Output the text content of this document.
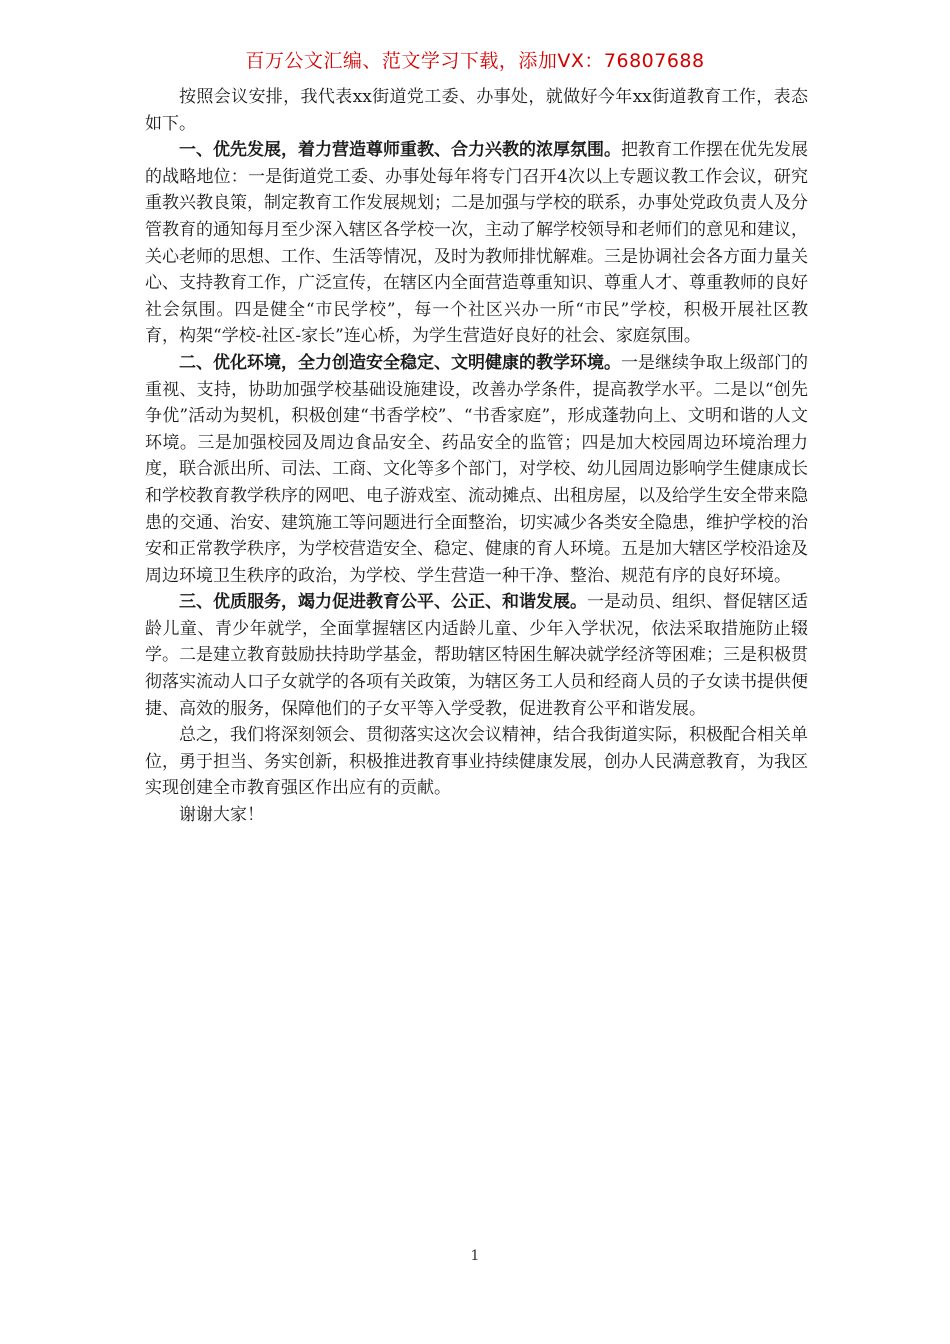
百万公文汇编、范文学习下载，添加VX：76807688

按照会议安排，我代表xx街道党工委、办事处，就做好今年xx街道教育工作，表态如下。

一、优先发展，着力营造尊师重教、合力兴教的浓厚氛围。把教育工作摆在优先发展的战略地位：一是街道党工委、办事处每年将专门召开4次以上专题议教工作会议，研究重教兴教良策，制定教育工作发展规划；二是加强与学校的联系，办事处党政负责人及分管教育的通知每月至少深入辖区各学校一次，主动了解学校领导和老师们的意见和建议，关心老师的思想、工作、生活等情况，及时为教师排忧解难。三是协调社会各方面力量关心、支持教育工作，广泛宣传，在辖区内全面营造尊重知识、尊重人才、尊重教师的良好社会氛围。四是健全“市民学校”，每一个社区兴办一所“市民”学校，积极开展社区教育，构架“学校-社区-家长”连心桥，为学生营造好良好的社会、家庭氛围。

二、优化环境，全力创造安全稳定、文明健康的教学环境。一是继续争取上级部门的重视、支持，协助加强学校基础设施建设，改善办学条件，提高教学水平。二是以“创先争优”活动为契机，积极创建“书香学校”、“书香家庭”，形成蓬勃向上、文明和谐的人文环境。三是加强校园及周边食品安全、药品安全的监管；四是加大校园周边环境治理力度，联合派出所、司法、工商、文化等多个部门，对学校、幼儿园周边影响学生健康成长和学校教育教学秩序的网吧、电子游戏室、流动摊点、出租房屋，以及给学生安全带来隐患的交通、治安、建筑施工等问题进行全面整治，切实减少各类安全隐患，维护学校的治安和正常教学秩序，为学校营造安全、稳定、健康的育人环境。五是加大辖区学校沿途及周边环境卫生秩序的政治，为学校、学生营造一种干净、整治、规范有序的良好环境。

三、优质服务，竭力促进教育公平、公正、和谐发展。一是动员、组织、督促辖区适龄儿童、青少年就学，全面掌握辖区内适龄儿童、少年入学状况，依法采取措施防止辍学。二是建立教育鼓励扶持助学基金，帮助辖区特困生解决就学经济等困难；三是积极贯彻落实流动人口子女就学的各项有关政策，为辖区务工人员和经商人员的子女读书提供便捷、高效的服务，保障他们的子女平等入学受教，促进教育公平和谐发展。

总之，我们将深刻领会、贯彻落实这次会议精神，结合我街道实际，积极配合相关单位，勇于担当、务实创新，积极推进教育事业持续健康发展，创办人民满意教育，为我区实现创建全市教育强区作出应有的贡献。

谢谢大家！

1
